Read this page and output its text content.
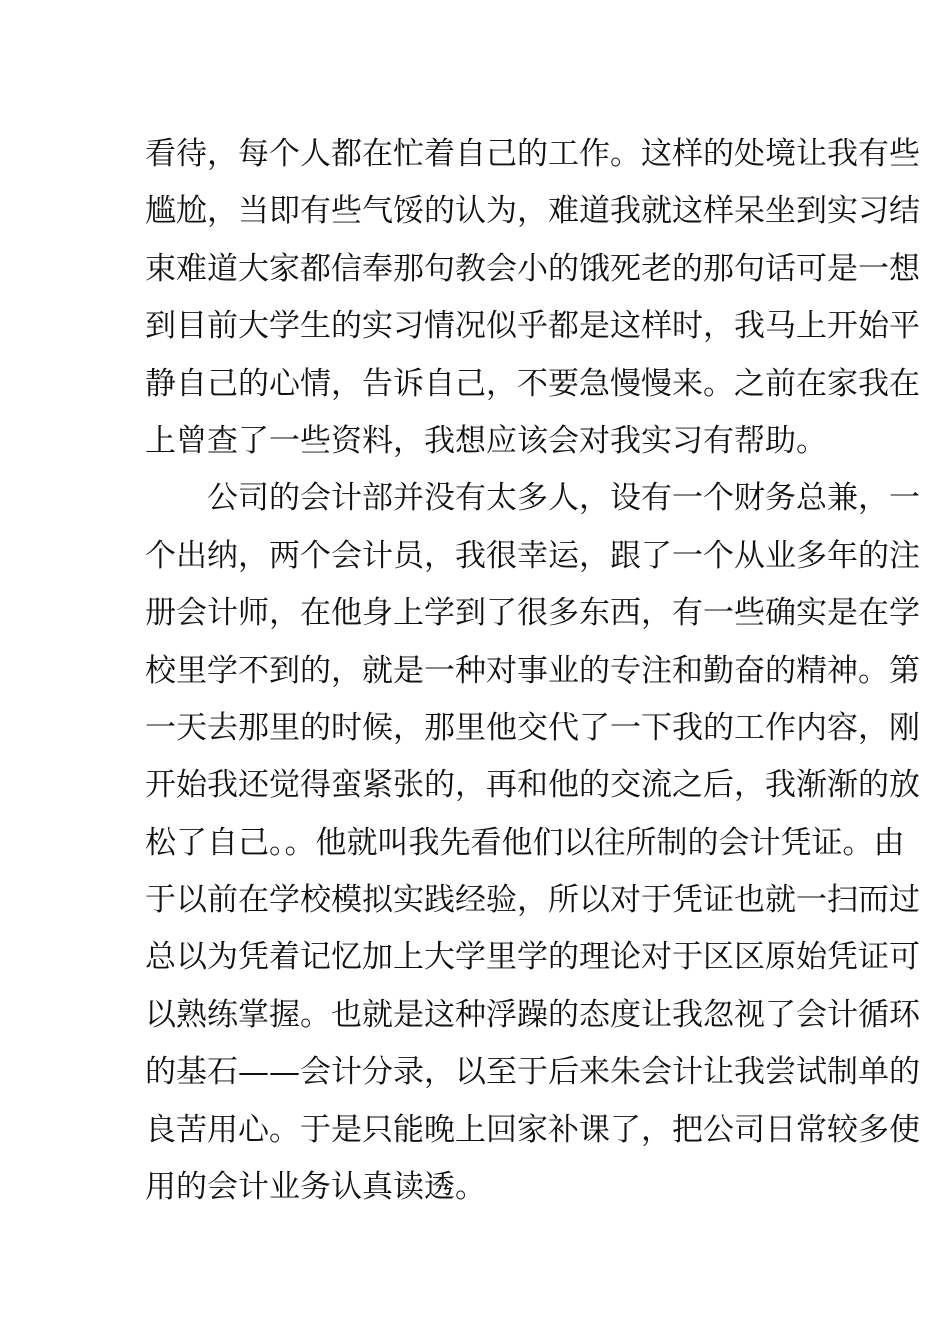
看待，每个人都在忙着自己的工作。这样的处境让我有些
尴尬，当即有些气馁的认为，难道我就这样呆坐到实习结
束难道大家都信奉那句教会小的饿死老的那句话可是一想
到目前大学生的实习情况似乎都是这样时，我马上开始平
静自己的心情，告诉自己，不要急慢慢来。之前在家我在
上曾查了一些资料，我想应该会对我实习有帮助。
公司的会计部并没有太多人，设有一个财务总兼，一
个出纳，两个会计员，我很幸运，跟了一个从业多年的注
册会计师，在他身上学到了很多东西，有一些确实是在学
校里学不到的，就是一种对事业的专注和勤奋的精神。第
一天去那里的时候，那里他交代了一下我的工作内容，刚
开始我还觉得蛮紧张的，再和他的交流之后，我渐渐的放
松了自己。。他就叫我先看他们以往所制的会计凭证。由
于以前在学校模拟实践经验，所以对于凭证也就一扫而过
总以为凭着记忆加上大学里学的理论对于区区原始凭证可
以熟练掌握。也就是这种浮躁的态度让我忽视了会计循环
的基石——会计分录，以至于后来朱会计让我尝试制单的
良苦用心。于是只能晚上回家补课了，把公司日常较多使
用的会计业务认真读透。
